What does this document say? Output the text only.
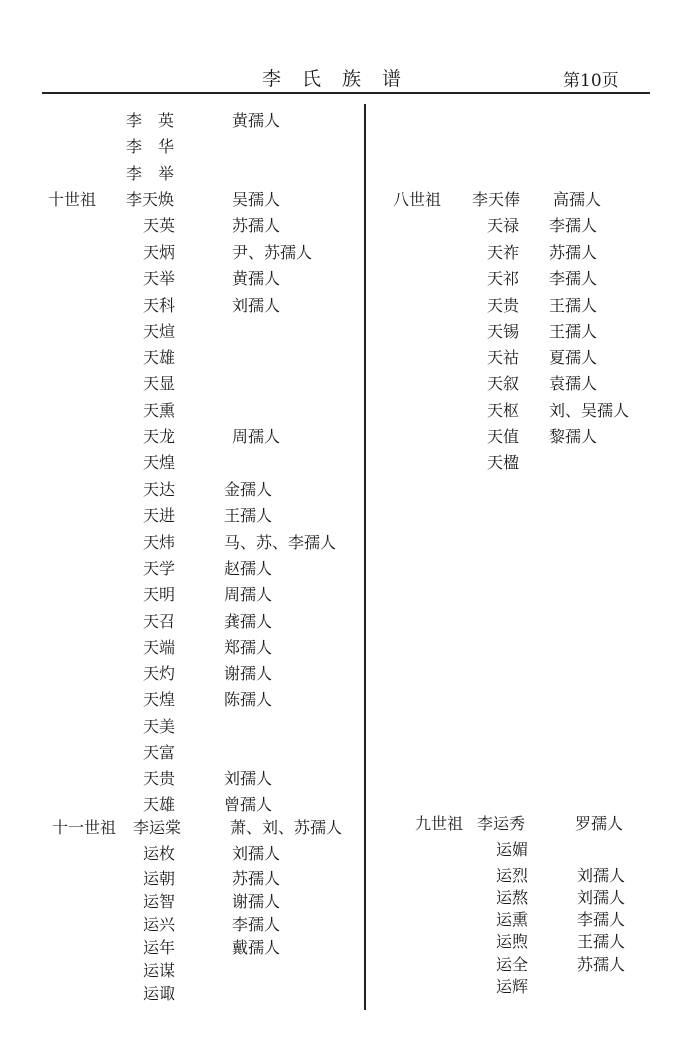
李氏族谱	第10页
李　英	黄孺人
李　华
李　举
十世祖 李天焕	吴孺人
天英	苏孺人
天炳	尹、苏孺人
天举	黄孺人
天科	刘孺人
天煊
天雄
天显
天熏
天龙	周孺人
天煌
天达	金孺人
天进	王孺人
天炜	马、苏、李孺人
天学	赵孺人
天明	周孺人
天召	龚孺人
天端	郑孺人
天灼	谢孺人
天煌	陈孺人
天美
天富
天贵	刘孺人
天雄	曾孺人
十一世祖 李运棠	萧、刘、苏孺人
运枚	刘孺人
运朝	苏孺人
运智	谢孺人
运兴	李孺人
运年	戴孺人
运谋
运诹
八世祖 李天俸 高孺人
天禄 李孺人
天祚 苏孺人
天祁 李孺人
天贵 王孺人
天锡 王孺人
天祜 夏孺人
天叙 袁孺人
天枢 刘、吴孺人
天值 黎孺人
天楹
九世祖 李运秀	罗孺人
运媚
运烈	刘孺人
运熬	刘孺人
运熏	李孺人
运煦	王孺人
运全	苏孺人
运辉
